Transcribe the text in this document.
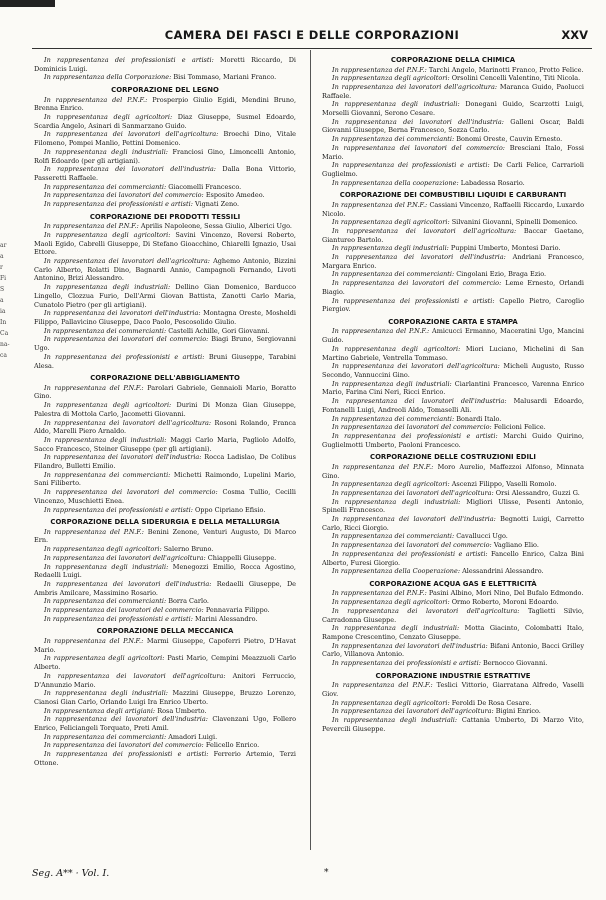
CAMERA DEI FASCI E DELLE CORPORAZIONI	XXV
ar
a
r
Fi
S
a
ia
In
Ca
na-
ca

In rappresentanza dei professionisti e artisti: Moretti Riccardo, Di Dominicis Luigi.

In rappresentanza della Corporazione: Bisi Tommaso, Mariani Franco.

CORPORAZIONE DEL LEGNO

In rappresentanza del P.N.F.: Prosperpio Giulio Egidi, Mendini Bruno, Brenna Enrico.

In rappresentanza degli agricoltori: Diaz Giuseppe, Susmel Edoardo, Scardia Angelo, Asinari di Sanmarzano Guido.

In rappresentanza dei lavoratori dell'agricoltura: Broechi Dino, Vitale Filomeno, Pompei Manlio, Pettini Domenico.

In rappresentanza degli industriali: Franciosi Gino, Limoncelli Antonio, Rolfi Edoardo (per gli artigiani).

In rappresentanza dei lavoratori dell'industria: Dalla Bona Vittorio, Passeretti Raffaele.

In rappresentanza dei commercianti: Giacomelli Francesco.

In rappresentanza dei lavoratori del commercio: Esposito Amedeo.

In rappresentanza dei professionisti e artisti: Vignati Zeno.

CORPORAZIONE DEI PRODOTTI TESSILI

In rappresentanza del P.N.F.: Aprilis Napoleone, Sessa Giulio, Alberici Ugo.

In rappresentanza degli agricoltori: Savini Vincenzo, Roversi Roberto, Maoli Egido, Cabrelli Giuseppe, Di Stefano Gioacchino, Chiarelli Ignazio, Usai Ettore.

In rappresentanza dei lavoratori dell'agricoltura: Aghemo Antonio, Bizzini Carlo Alberto, Rolatti Dino, Bagnardi Annio, Campagnoli Fernando, Livoti Antonino, Brizi Alessandro.

In rappresentanza degli industriali: Dellino Gian Domenico, Barducco Lingello, Clozzua Furio, Dell'Armi Giovan Battista, Zanotti Carlo Maria, Cunatolo Pietro (per gli artigiani).

In rappresentanza dei lavoratori dell'industria: Montagna Oreste, Mosheldi Filippo, Pallavicino Giuseppe, Daco Paolo, Pescosolido Giulio.

In rappresentanza dei commercianti: Castelli Achille, Gori Giovanni.

In rappresentanza dei lavoratori del commercio: Biagi Bruno, Sergiovanni Ugo.

In rappresentanza dei professionisti e artisti: Bruni Giuseppe, Tarabini Alesa.

CORPORAZIONE DELL'ABBIGLIAMENTO

In rappresentanza del P.N.F.: Parolari Gabriele, Gennaioli Mario, Boratto Gino.

In rappresentanza degli agricoltori: Durini Di Monza Gian Giuseppe, Palestra di Mottola Carlo, Jacometti Giovanni.

In rappresentanza dei lavoratori dell'agricoltura: Rosoni Rolando, Franca Aldo, Marelli Piero Arnaldo.

In rappresentanza degli industriali: Maggi Carlo Maria, Pagliolo Adolfo, Sacco Francesco, Steiner Giuseppe (per gli artigiani).

In rappresentanza dei lavoratori dell'industria: Rocca Ladislao, De Colibus Filandro, Bulletti Emilio.

In rappresentanza dei commercianti: Michetti Raimondo, Lupelini Mario, Sani Filiberto.

In rappresentanza dei lavoratori del commercio: Cosma Tullio, Cecilli Vincenzo, Muschietti Enea.

In rappresentanza dei professionisti e artisti: Oppo Cipriano Efisio.

CORPORAZIONE DELLA SIDERURGIA E DELLA METALLURGIA

In rappresentanza del P.N.F.: Benini Zenone, Venturi Augusto, Di Marco Ern.

In rappresentanza degli agricoltori: Salerno Bruno.

In rappresentanza dei lavoratori dell'agricoltura: Chiappelli Giuseppe.

In rappresentanza degli industriali: Menegozzi Emilio, Rocca Agostino, Redaelli Luigi.

In rappresentanza dei lavoratori dell'industria: Redaelli Giuseppe, De Ambris Amilcare, Massimino Rosario.

In rappresentanza dei commercianti: Borra Carlo.

In rappresentanza dei lavoratori del commercio: Pennavaria Filippo.

In rappresentanza dei professionisti e artisti: Marini Alessandro.

CORPORAZIONE DELLA MECCANICA

In rappresentanza del P.N.F.: Marmi Giuseppe, Capoferri Pietro, D'Havat Mario.

In rappresentanza degli agricoltori: Pasti Mario, Cempini Meazzuoli Carlo Alberto.

In rappresentanza dei lavoratori dell'agricoltura: Anitori Ferruccio, D'Annunzio Mario.

In rappresentanza degli industriali: Mazzini Giuseppe, Bruzzo Lorenzo, Cianosi Gian Carlo, Orlando Luigi Ira Enrico Uberto.

In rappresentanza degli artigiani: Rosa Umberto.

In rappresentanza dei lavoratori dell'industria: Clavenzani Ugo, Follero Enrico, Feliciangeli Torquato, Preti Amil.

In rappresentanza dei commercianti: Amadori Luigi.

In rappresentanza dei lavoratori del commercio: Felicello Enrico.

In rappresentanza dei professionisti e artisti: Ferrerio Artemio, Terzi Ottone.

CORPORAZIONE DELLA CHIMICA

In rappresentanza del P.N.F.: Tarchi Angelo, Marinotti Franco, Protto Felice.

In rappresentanza degli agricoltori: Orsolini Cencelli Valentino, Titi Nicola.

In rappresentanza dei lavoratori dell'agricoltura: Maranca Guido, Paolucci Raffaele.

In rappresentanza degli industriali: Donegani Guido, Scarzotti Luigi, Morselli Giovanni, Serono Cesare.

In rappresentanza dei lavoratori dell'industria: Galleni Oscar, Baldi Giovanni Giuseppe, Berna Francesco, Sozza Carlo.

In rappresentanza dei commercianti: Bonomi Oreste, Cauvin Ernesto.

In rappresentanza dei lavoratori del commercio: Bresciani Italo, Fossi Mario.

In rappresentanza dei professionisti e artisti: De Carli Felice, Carrarioli Guglielmo.

In rappresentanza della cooperazione: Labadessa Rosario.

CORPORAZIONE DEI COMBUSTIBILI LIQUIDI E CARBURANTI

In rappresentanza del P.N.F.: Cassiani Vincenzo, Raffaelli Riccardo, Luxardo Nicolo.

In rappresentanza degli agricoltori: Silvanini Giovanni, Spinelli Domenico.

In rappresentanza dei lavoratori dell'agricoltura: Baccar Gaetano, Giantureo Bartolo.

In rappresentanza degli industriali: Puppini Umberto, Montesi Dario.

In rappresentanza dei lavoratori dell'industria: Andriani Francesco, Margara Enrico.

In rappresentanza dei commercianti: Cingolani Ezio, Braga Ezio.

In rappresentanza dei lavoratori del commercio: Leme Ernesto, Orlandi Biagio.

In rappresentanza dei professionisti e artisti: Capello Pietro, Caroglio Piergiov.

CORPORAZIONE CARTA E STAMPA

In rappresentanza del P.N.F.: Amicucci Ermanno, Maceratini Ugo, Mancini Guido.

In rappresentanza degli agricoltori: Miori Luciano, Michelini di San Martino Gabriele, Ventrella Tommaso.

In rappresentanza dei lavoratori dell'agricoltura: Micheli Augusto, Russo Secondo, Vannuccini Gino.

In rappresentanza degli industriali: Ciarlantini Francesco, Varenna Enrico Mario, Farina Cini Neri, Ricci Enrico.

In rappresentanza dei lavoratori dell'industria: Malusardi Edoardo, Fontanelli Luigi, Andreoli Aldo, Tomaselli Ali.

In rappresentanza dei commercianti: Bonardi Italo.

In rappresentanza dei lavoratori del commercio: Felicioni Felice.

In rappresentanza dei professionisti e artisti: Marchi Guido Quirino, Guglielmotti Umberto, Paoloni Francesco.

CORPORAZIONE DELLE COSTRUZIONI EDILI

In rappresentanza del P.N.F.: Moro Aurelio, Maffezzoi Alfonso, Minnata Gino.

In rappresentanza degli agricoltori: Ascenzi Filippo, Vaselli Romolo.

In rappresentanza dei lavoratori dell'agricoltura: Orsi Alessandro, Guzzi G.

In rappresentanza degli industriali: Migliori Ulisse, Pesenti Antonio, Spinelli Francesco.

In rappresentanza dei lavoratori dell'industria: Begnotti Luigi, Carretto Carlo, Ricci Giorgio.

In rappresentanza dei commercianti: Cavallucci Ugo.

In rappresentanza dei lavoratori del commercio: Vagliano Elio.

In rappresentanza dei professionisti e artisti: Fancello Enrico, Calza Bini Alberto, Furesi Giorgio.

In rappresentanza della Cooperazione: Alessandrini Alessandro.

CORPORAZIONE ACQUA GAS E ELETTRICITÀ

In rappresentanza del P.N.F.: Pasini Albino, Mori Nino, Del Bufalo Edmondo.

In rappresentanza degli agricoltori: Ormo Roberto, Moroni Edoardo.

In rappresentanza dei lavoratori dell'agricoltura: Taglietti Silvio, Carradonna Giuseppe.

In rappresentanza degli industriali: Motta Giacinto, Colombatti Italo, Rampone Crescentino, Cenzato Giuseppe.

In rappresentanza dei lavoratori dell'industria: Bifani Antonio, Bacci Grilley Carlo, Villanova Antonio.

In rappresentanza dei professionisti e artisti: Bernocco Giovanni.

CORPORAZIONE INDUSTRIE ESTRATTIVE

In rappresentanza del P.N.F.: Teslici Vittorio, Giarratana Alfredo, Vaselli Giov.

In rappresentanza degli agricoltori: Feroldi De Rosa Cesare.

In rappresentanza dei lavoratori dell'agricoltura: Bigini Enrico.

In rappresentanza degli industriali: Cattania Umberto, Di Marzo Vito, Pevercili Giuseppe.

Seg. A** · Vol. I.	*
